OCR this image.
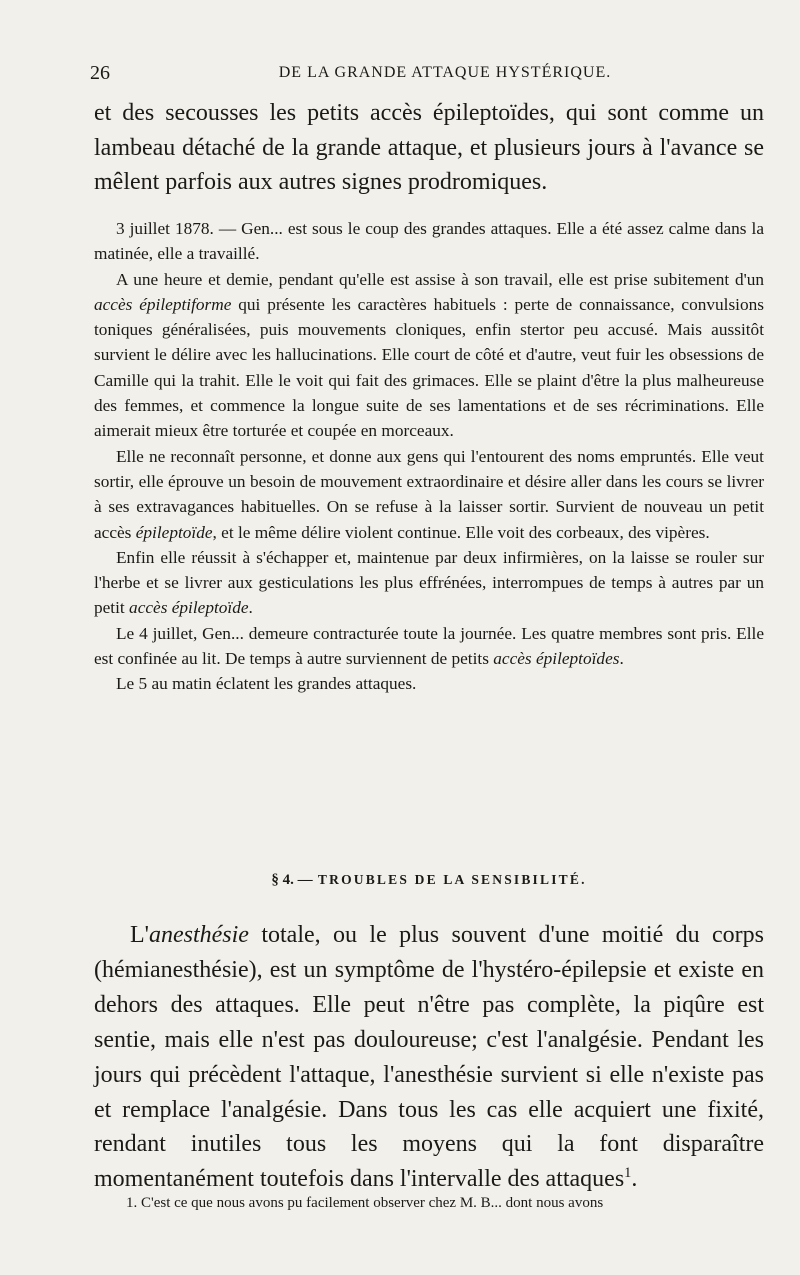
26	DE LA GRANDE ATTAQUE HYSTÉRIQUE.

et des secousses les petits accès épileptoïdes, qui sont comme un lambeau détaché de la grande attaque, et plusieurs jours à l'avance se mêlent parfois aux autres signes prodromiques.

3 juillet 1878. — Gen... est sous le coup des grandes attaques. Elle a été assez calme dans la matinée, elle a travaillé.

A une heure et demie, pendant qu'elle est assise à son travail, elle est prise subitement d'un accès épileptiforme qui présente les caractères habituels : perte de connaissance, convulsions toniques généralisées, puis mouvements cloniques, enfin stertor peu accusé. Mais aussitôt survient le délire avec les hallucinations. Elle court de côté et d'autre, veut fuir les obsessions de Camille qui la trahit. Elle le voit qui fait des grimaces. Elle se plaint d'être la plus malheureuse des femmes, et commence la longue suite de ses lamentations et de ses récriminations. Elle aimerait mieux être torturée et coupée en morceaux.

Elle ne reconnaît personne, et donne aux gens qui l'entourent des noms empruntés. Elle veut sortir, elle éprouve un besoin de mouvement extraordinaire et désire aller dans les cours se livrer à ses extravagances habituelles. On se refuse à la laisser sortir. Survient de nouveau un petit accès épileptoïde, et le même délire violent continue. Elle voit des corbeaux, des vipères.

Enfin elle réussit à s'échapper et, maintenue par deux infirmières, on la laisse se rouler sur l'herbe et se livrer aux gesticulations les plus effrénées, interrompues de temps à autres par un petit accès épileptoïde.

Le 4 juillet, Gen... demeure contracturée toute la journée. Les quatre membres sont pris. Elle est confinée au lit. De temps à autre surviennent de petits accès épileptoïdes.

Le 5 au matin éclatent les grandes attaques.

§ 4. — TROUBLES DE LA SENSIBILITÉ.

L'anesthésie totale, ou le plus souvent d'une moitié du corps (hémianesthésie), est un symptôme de l'hystéro-épilepsie et existe en dehors des attaques. Elle peut n'être pas complète, la piqûre est sentie, mais elle n'est pas douloureuse; c'est l'analgésie. Pendant les jours qui précèdent l'attaque, l'anesthésie survient si elle n'existe pas et remplace l'analgésie. Dans tous les cas elle acquiert une fixité, rendant inutiles tous les moyens qui la font disparaître momentanément toutefois dans l'intervalle des attaques$^1$.

1. C'est ce que nous avons pu facilement observer chez M. B... dont nous avons
